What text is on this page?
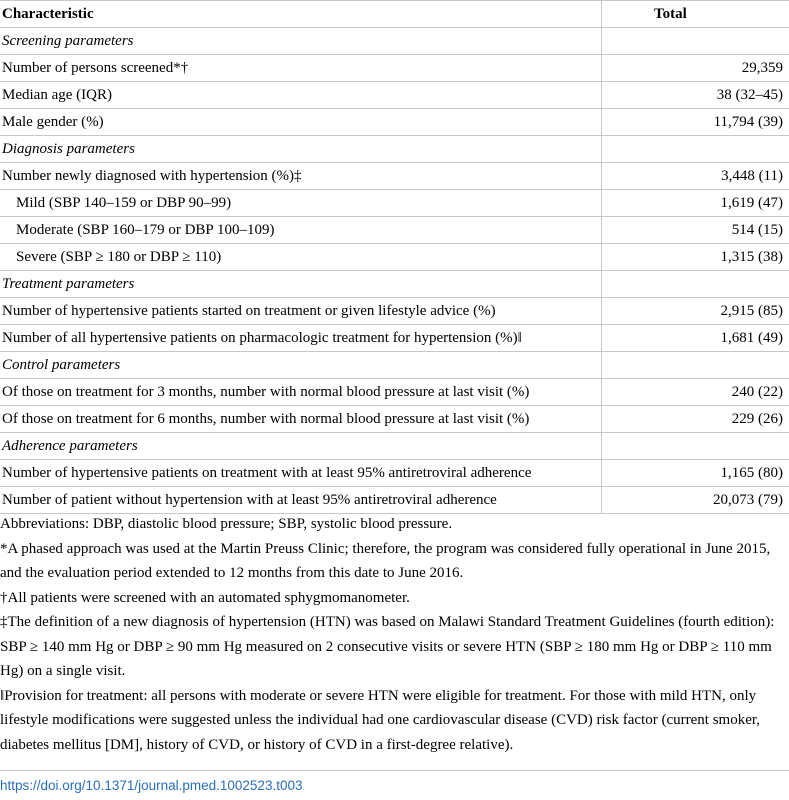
Characteristic	Total
Screening parameters	
Number of persons screened*†	29,359
Median age (IQR)	38 (32–45)
Male gender (%)	11,794 (39)
Diagnosis parameters	
Number newly diagnosed with hypertension (%)‡	3,448 (11)
Mild (SBP 140–159 or DBP 90–99)	1,619 (47)
Moderate (SBP 160–179 or DBP 100–109)	514 (15)
Severe (SBP ≥ 180 or DBP ≥ 110)	1,315 (38)
Treatment parameters	
Number of hypertensive patients started on treatment or given lifestyle advice (%)	2,915 (85)
Number of all hypertensive patients on pharmacologic treatment for hypertension (%)‖	1,681 (49)
Control parameters	
Of those on treatment for 3 months, number with normal blood pressure at last visit (%)	240 (22)
Of those on treatment for 6 months, number with normal blood pressure at last visit (%)	229 (26)
Adherence parameters	
Number of hypertensive patients on treatment with at least 95% antiretroviral adherence	1,165 (80)
Number of patient without hypertension with at least 95% antiretroviral adherence	20,073 (79)

Abbreviations: DBP, diastolic blood pressure; SBP, systolic blood pressure.

*A phased approach was used at the Martin Preuss Clinic; therefore, the program was considered fully operational in June 2015, and the evaluation period extended to 12 months from this date to June 2016.

†All patients were screened with an automated sphygmomanometer.

‡The definition of a new diagnosis of hypertension (HTN) was based on Malawi Standard Treatment Guidelines (fourth edition): SBP ≥ 140 mm Hg or DBP ≥ 90 mm Hg measured on 2 consecutive visits or severe HTN (SBP ≥ 180 mm Hg or DBP ≥ 110 mm Hg) on a single visit.

‖Provision for treatment: all persons with moderate or severe HTN were eligible for treatment. For those with mild HTN, only lifestyle modifications were suggested unless the individual had one cardiovascular disease (CVD) risk factor (current smoker, diabetes mellitus [DM], history of CVD, or history of CVD in a first-degree relative).

https://doi.org/10.1371/journal.pmed.1002523.t003
